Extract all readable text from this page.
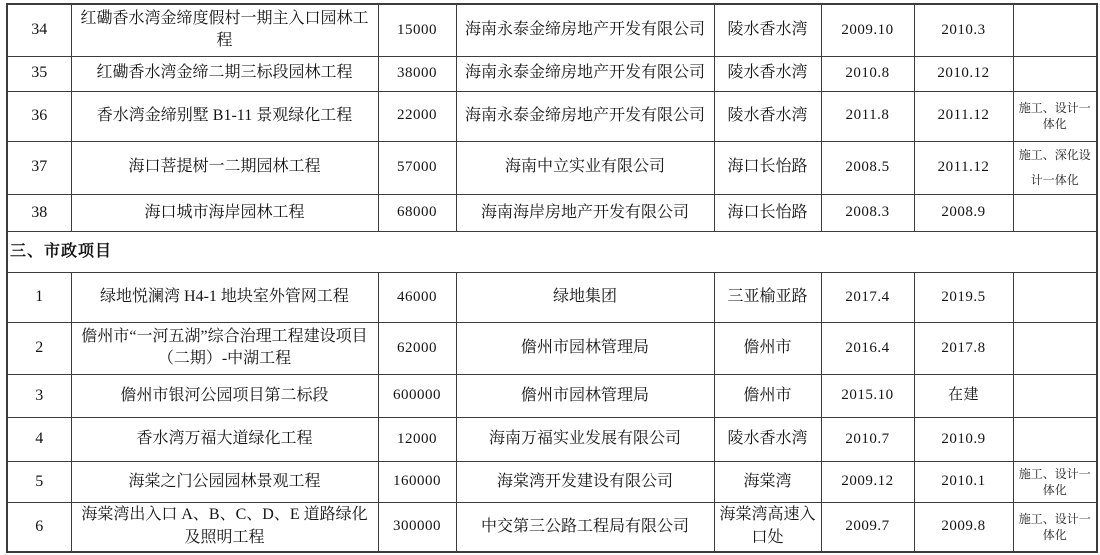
34	红磡香水湾金缔度假村一期主入口园林工程	15000	海南永泰金缔房地产开发有限公司	陵水香水湾	2009.10	2010.3	
35	红磡香水湾金缔二期三标段园林工程	38000	海南永泰金缔房地产开发有限公司	陵水香水湾	2010.8	2010.12	
36	香水湾金缔别墅 B1-11 景观绿化工程	22000	海南永泰金缔房地产开发有限公司	陵水香水湾	2011.8	2011.12	施工、设计一体化
37	海口菩提树一二期园林工程	57000	海南中立实业有限公司	海口长怡路	2008.5	2011.12	施工、深化设计一体化
38	海口城市海岸园林工程	68000	海南海岸房地产开发有限公司	海口长怡路	2008.3	2008.9	
三、市政项目							
1	绿地悦澜湾 H4-1 地块室外管网工程	46000	绿地集团	三亚榆亚路	2017.4	2019.5	
2	儋州市“一河五湖”综合治理工程建设项目（二期）-中湖工程	62000	儋州市园林管理局	儋州市	2016.4	2017.8	
3	儋州市银河公园项目第二标段	600000	儋州市园林管理局	儋州市	2015.10	在建	
4	香水湾万福大道绿化工程	12000	海南万福实业发展有限公司	陵水香水湾	2010.7	2010.9	
5	海棠之门公园园林景观工程	160000	海棠湾开发建设有限公司	海棠湾	2009.12	2010.1	施工、设计一体化
6	海棠湾出入口 A、B、C、D、E 道路绿化及照明工程	300000	中交第三公路工程局有限公司	海棠湾高速入口处	2009.7	2009.8	施工、设计一体化
